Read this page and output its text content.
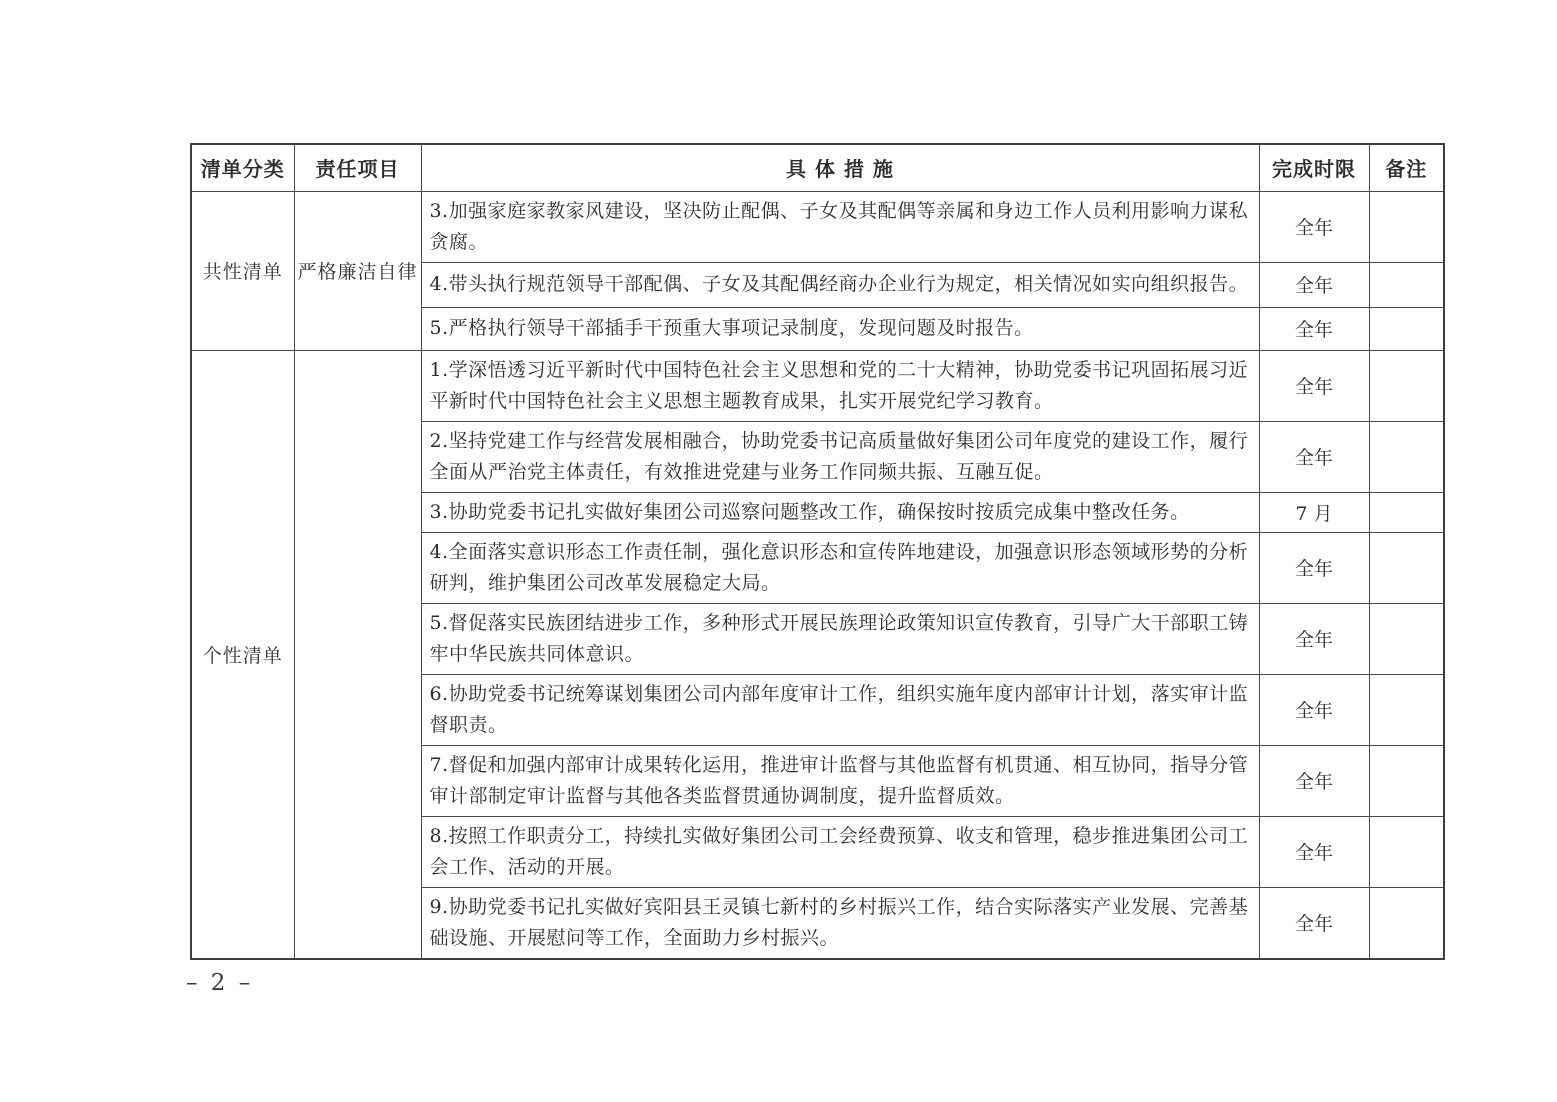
清单分类	责任项目	具 体 措 施	完成时限	备注
共性清单	严格廉洁自律	3.加强家庭家教家风建设，坚决防止配偶、子女及其配偶等亲属和身边工作人员利用影响力谋私贪腐。	全年	
		4.带头执行规范领导干部配偶、子女及其配偶经商办企业行为规定，相关情况如实向组织报告。	全年	
		5.严格执行领导干部插手干预重大事项记录制度，发现问题及时报告。	全年	
个性清单		1.学深悟透习近平新时代中国特色社会主义思想和党的二十大精神，协助党委书记巩固拓展习近平新时代中国特色社会主义思想主题教育成果，扎实开展党纪学习教育。	全年	
		2.坚持党建工作与经营发展相融合，协助党委书记高质量做好集团公司年度党的建设工作，履行全面从严治党主体责任，有效推进党建与业务工作同频共振、互融互促。	全年	
		3.协助党委书记扎实做好集团公司巡察问题整改工作，确保按时按质完成集中整改任务。	7 月	
		4.全面落实意识形态工作责任制，强化意识形态和宣传阵地建设，加强意识形态领域形势的分析研判，维护集团公司改革发展稳定大局。	全年	
		5.督促落实民族团结进步工作，多种形式开展民族理论政策知识宣传教育，引导广大干部职工铸牢中华民族共同体意识。	全年	
		6.协助党委书记统筹谋划集团公司内部年度审计工作，组织实施年度内部审计计划，落实审计监督职责。	全年	
		7.督促和加强内部审计成果转化运用，推进审计监督与其他监督有机贯通、相互协同，指导分管审计部制定审计监督与其他各类监督贯通协调制度，提升监督质效。	全年	
		8.按照工作职责分工，持续扎实做好集团公司工会经费预算、收支和管理，稳步推进集团公司工会工作、活动的开展。	全年	
		9.协助党委书记扎实做好宾阳县王灵镇七新村的乡村振兴工作，结合实际落实产业发展、完善基础设施、开展慰问等工作，全面助力乡村振兴。	全年	
– 2 –
